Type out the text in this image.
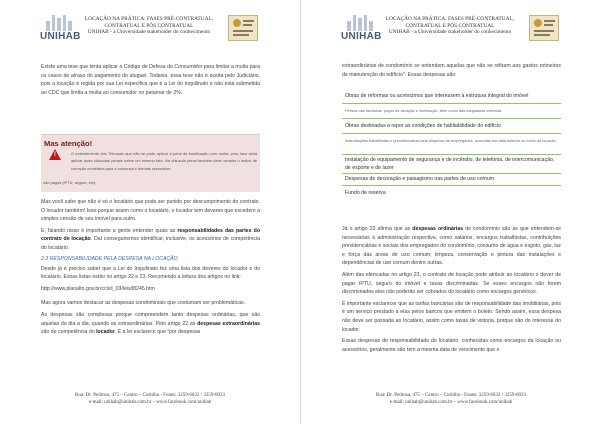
UNIHAB
LOCAÇÃO NA PRÁTICA: FASES PRÉ-CONTRATUAL,
CONTRATUAL E PÓS CONTRATUAL
UNIHAB - a Universidade stakeholder do conhecimento

Existe uma tese que tenta aplicar o Código de Defesa do Consumidor para limitar a multa para os casos de atraso do pagamento do aluguel. Todavia, essa tese não é aceita pelo Judiciário, pois a locação é regida por sua Lei especifica que é a Lei do Inquilinato e não está submetida ao CDC que limita a multa ao consumidor no patamar de 2%.

Mas atenção!
!	O entendimento dos Tribunais que não se pode aplicar a pena da bonificação com multa, pois, isso seria aplicar duas cláusulas penais sobre um mesmo fato. Na cláusula penal também deve constar o índice de correção monetária para a cobrança e demais acessórios
não pagos (IPTU, seguro, etc).

Mas você sabe que não é só o locatário que pode ser punido por descumprimento do contrato. O locador também! Isso porque assim como o locatário, o locador tem deveres que excedem a simples cessão de seu imóvel para outro.

E, falando nisso é importante a gente entender quais as responsabilidades das partes do contrato de locação. Daí conseguiremos identificar, inclusive, os acessórios de competência do locatário.

2.3 RESPONSABILIDADE PELA DESPESA NA LOCAÇÃO

Desde já é preciso saber que a Lei do Inquilinato fez uma lista dos deveres do locador e do locatário. Essas listas estão no artigo 22 e 23. Recomendo a leitura dos artigos no link:

http://www.planalto.gov.br/ccivil_03/leis/l8245.htm

Mas agora vamos destacar as despesas condominiais que costumam ser problemáticas.

As despesas são complexas porque compreendem tanto despesas ordinárias, que são aquelas do dia a dia, quando as extraordinárias. Pelo artigo 22 as despesas extraordinárias são de competência do locador. E a lei esclarece que "por despesas

Rua: Dr. Pedrosa, 475 – Centro – Curitiba - Fones: 3259-6032 / 3259-6033
e-mail: unihab@unihab.com.br – www.facebook.com/unihab
UNIHAB
LOCAÇÃO NA PRÁTICA: FASES PRÉ-CONTRATUAL,
CONTRATUAL E PÓS CONTRATUAL
UNIHAB - a Universidade stakeholder do conhecimento

extraordinárias de condomínio se entendem aquelas que não se refiram aos gastos rotineiros de manutenção do edifício". Essas despesas são:

Obras de reformas ou acréscimos que interessem à estrutura integral do imóvel
Pintura das fachadas, poços de aeração e iluminação, bem como das esquadrias externas
Obras destinadas a repor as condições de habitabilidade do edifício
Indenizações trabalhistas e previdenciárias pela dispensa de empregados, ocorridas em data anterior ao início da locação
Instalação de equipamento de segurança e de incêndio, de telefonia, de intercomunicação, de esporte e de lazer
Despesas de decoração e paisagismo nas partes de uso comum
Fundo de reserva

Já o artigo 23 afirma que as despesas ordinárias de condomínio são as que entendem-se necessárias à administração respectiva, como salários, encargos trabalhistas, contribuições previdenciárias e sociais dos empregados do condomínio; consumo de água e esgoto, gás, luz e força das áreas de uso comum; limpeza, conservação e pintura das instalações e dependências de uso comum dentre outras.

Além das elencadas no artigo 23, o contrato de locação pode atribuir ao locatário o dever de pagar IPTU, seguro do imóvel e taxas discriminadas. Se esses encargos não forem discriminados eles não poderão ser cobrados do locatário como encargos genéricos.

É importante esclarecer que as tarifas bancárias são de responsabilidade das imobiliárias, pois é um serviço prestado a elas pelos bancos que emitem o boleto. Sendo assim, essa despesa não deve ser passada ao locatário, assim como taxas de vistoria, porque são do interesse do locador.

Essas despesas de responsabilidade do locatário, conhecidas como encargos da locação ou acessórios, geralmente são tem a mesma data de vencimento que o

Rua: Dr. Pedrosa, 475 – Centro – Curitiba - Fones: 3259-6032 / 3259-6033
e-mail: unihab@unihab.com.br – www.facebook.com/unihab
